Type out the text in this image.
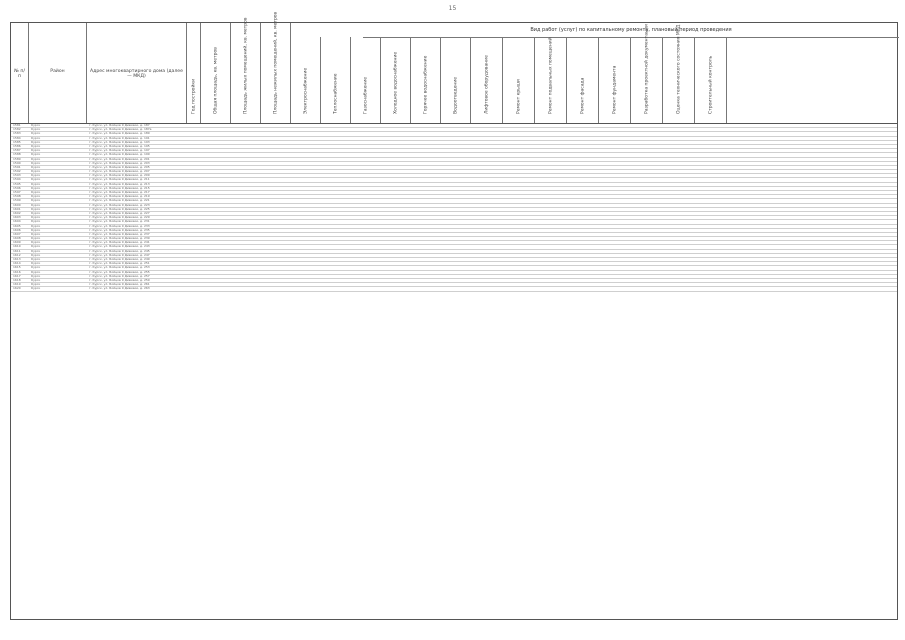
15
Вид работ (услуг) по капитальному ремонту, плановый период проведения
№ п/п
Район	Адрес многоквартирного дома (далее — МКД)
Год постройки	Общая площадь, кв. метров	Площадь жилых помещений, кв. метров	Площадь нежилых помещений, кв. метров	Электроснабжение	Теплоснабжение	Газоснабжение	Холодное водоснабжение	Горячее водоснабжение	Водоотведение	Лифтовое оборудование	Ремонт крыши	Ремонт подвальных помещений	Ремонт фасада	Ремонт фундамента	Разработка проектной документации	Оценка технического состояния МКД	Строительный контроль
1581	Курск	г. Курск, ул. Бойцов 9 Дивизии, д. 187
1582	Курск	г. Курск, ул. Бойцов 9 Дивизии, д. 187а
1583	Курск	г. Курск, ул. Бойцов 9 Дивизии, д. 189
1584	Курск	г. Курск, ул. Бойцов 9 Дивизии, д. 191
1585	Курск	г. Курск, ул. Бойцов 9 Дивизии, д. 193
1586	Курск	г. Курск, ул. Бойцов 9 Дивизии, д. 195
1587	Курск	г. Курск, ул. Бойцов 9 Дивизии, д. 197
1588	Курск	г. Курск, ул. Бойцов 9 Дивизии, д. 199
1589	Курск	г. Курск, ул. Бойцов 9 Дивизии, д. 201
1590	Курск	г. Курск, ул. Бойцов 9 Дивизии, д. 203
1591	Курск	г. Курск, ул. Бойцов 9 Дивизии, д. 205
1592	Курск	г. Курск, ул. Бойцов 9 Дивизии, д. 207
1593	Курск	г. Курск, ул. Бойцов 9 Дивизии, д. 209
1594	Курск	г. Курск, ул. Бойцов 9 Дивизии, д. 211
1595	Курск	г. Курск, ул. Бойцов 9 Дивизии, д. 213
1596	Курск	г. Курск, ул. Бойцов 9 Дивизии, д. 215
1597	Курск	г. Курск, ул. Бойцов 9 Дивизии, д. 217
1598	Курск	г. Курск, ул. Бойцов 9 Дивизии, д. 219
1599	Курск	г. Курск, ул. Бойцов 9 Дивизии, д. 221
1600	Курск	г. Курск, ул. Бойцов 9 Дивизии, д. 223
1601	Курск	г. Курск, ул. Бойцов 9 Дивизии, д. 225
1602	Курск	г. Курск, ул. Бойцов 9 Дивизии, д. 227
1603	Курск	г. Курск, ул. Бойцов 9 Дивизии, д. 229
1604	Курск	г. Курск, ул. Бойцов 9 Дивизии, д. 231
1605	Курск	г. Курск, ул. Бойцов 9 Дивизии, д. 233
1606	Курск	г. Курск, ул. Бойцов 9 Дивизии, д. 235
1607	Курск	г. Курск, ул. Бойцов 9 Дивизии, д. 237
1608	Курск	г. Курск, ул. Бойцов 9 Дивизии, д. 239
1609	Курск	г. Курск, ул. Бойцов 9 Дивизии, д. 241
1610	Курск	г. Курск, ул. Бойцов 9 Дивизии, д. 243
1611	Курск	г. Курск, ул. Бойцов 9 Дивизии, д. 245
1612	Курск	г. Курск, ул. Бойцов 9 Дивизии, д. 247
1613	Курск	г. Курск, ул. Бойцов 9 Дивизии, д. 249
1614	Курск	г. Курск, ул. Бойцов 9 Дивизии, д. 251
1615	Курск	г. Курск, ул. Бойцов 9 Дивизии, д. 253
1616	Курск	г. Курск, ул. Бойцов 9 Дивизии, д. 255
1617	Курск	г. Курск, ул. Бойцов 9 Дивизии, д. 257
1618	Курск	г. Курск, ул. Бойцов 9 Дивизии, д. 259
1619	Курск	г. Курск, ул. Бойцов 9 Дивизии, д. 261
1620	Курск	г. Курск, ул. Бойцов 9 Дивизии, д. 263
